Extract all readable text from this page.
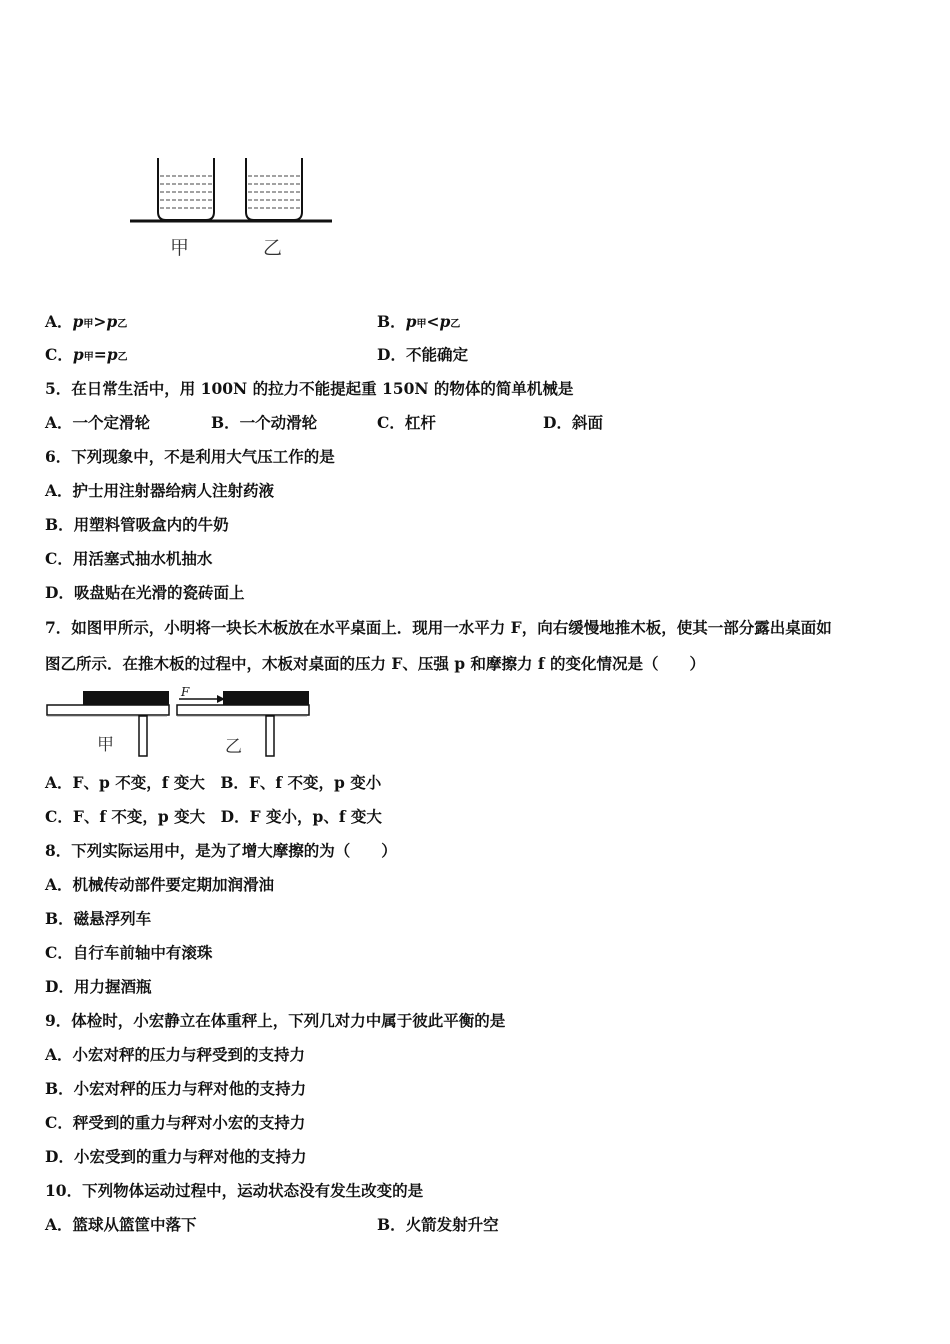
甲	乙
A．p甲>p乙	B．p甲<p乙
C．p甲=p乙	D．不能确定
5．在日常生活中，用 100N 的拉力不能提起重 150N 的物体的简单机械是
A．一个定滑轮	B．一个动滑轮	C．杠杆	D．斜面
6．下列现象中，不是利用大气压工作的是
A．护士用注射器给病人注射药液
B．用塑料管吸盒内的牛奶
C．用活塞式抽水机抽水
D．吸盘贴在光滑的瓷砖面上
7．如图甲所示，小明将一块长木板放在水平桌面上．现用一水平力 F，向右缓慢地推木板，使其一部分露出桌面如
图乙所示．在推木板的过程中，木板对桌面的压力 F、压强 p 和摩擦力 f 的变化情况是（　　）
甲
F
乙
A．F、p 不变，f 变大　B．F、f 不变，p 变小
C．F、f 不变，p 变大　D．F 变小，p、f 变大
8．下列实际运用中，是为了增大摩擦的为（　　）
A．机械传动部件要定期加润滑油
B．磁悬浮列车
C．自行车前轴中有滚珠
D．用力握酒瓶
9．体检时，小宏静立在体重秤上，下列几对力中属于彼此平衡的是
A．小宏对秤的压力与秤受到的支持力
B．小宏对秤的压力与秤对他的支持力
C．秤受到的重力与秤对小宏的支持力
D．小宏受到的重力与秤对他的支持力
10．下列物体运动过程中，运动状态没有发生改变的是
A．篮球从篮筐中落下	B．火箭发射升空
